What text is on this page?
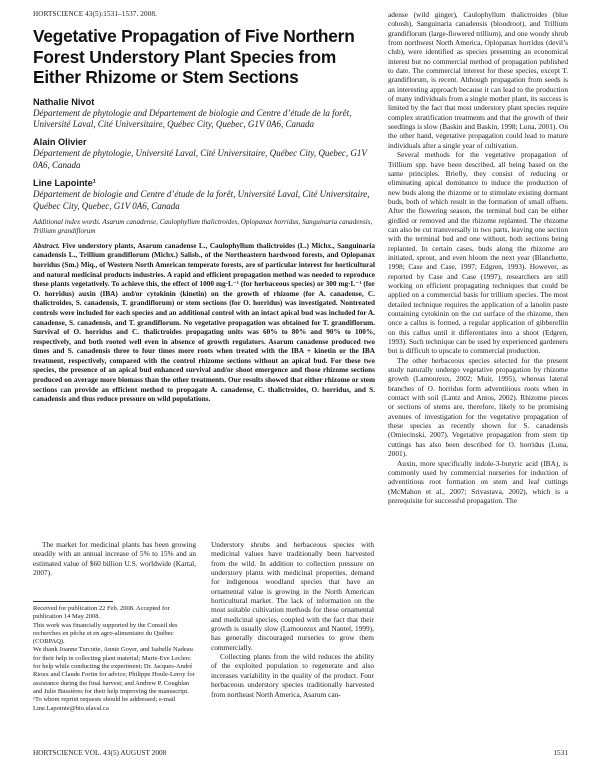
HORTSCIENCE 43(5):1531–1537. 2008.
Vegetative Propagation of Five Northern Forest Understory Plant Species from Either Rhizome or Stem Sections
Nathalie Nivot
Département de phytologie and Département de biologie and Centre d’étude de la forêt, Université Laval, Cité Universitaire, Québec City, Quebec, G1V 0A6, Canada
Alain Olivier
Département de phytologie, Université Laval, Cité Universitaire, Québec City, Quebec, G1V 0A6, Canada
Line Lapointe¹
Département de biologie and Centre d’étude de la forêt, Université Laval, Cité Universitaire, Québec City, Quebec, G1V 0A6, Canada
Additional index words. Asarum canadense, Caulophyllum thalictroides, Oplopanax horridus, Sanguinaria canadensis, Trillium grandiflorum

Abstract. Five understory plants, Asarum canadense L., Caulophyllum thalictroides (L.) Michx., Sanguinaria canadensis L., Trillium grandiflorum (Michx.) Salisb., of the Northeastern hardwood forests, and Oplopanax horridus (Sm.) Miq., of Western North American temperate forests, are of particular interest for horticultural and natural medicinal products industries. A rapid and efficient propagation method was needed to reproduce these plants vegetatively. To achieve this, the effect of 1000 mg·L⁻¹ (for herbaceous species) or 300 mg·L⁻¹ (for O. horridus) auxin (IBA) and/or cytokinin (kinetin) on the growth of rhizome (for A. canadense, C. thalictroides, S. canadensis, T. grandiflorum) or stem sections (for O. horridus) was investigated. Nontreated controls were included for each species and an additional control with an intact apical bud was included for A. canadense, S. canadensis, and T. grandiflorum. No vegetative propagation was obtained for T. grandiflorum. Survival of O. horridus and C. thalictroides propagating units was 60% to 80% and 90% to 100%, respectively, and both rooted well even in absence of growth regulators. Asarum canadense produced two times and S. canadensis three to four times more roots when treated with the IBA + kinetin or the IBA treatment, respectively, compared with the control rhizome sections without an apical bud. For these two species, the presence of an apical bud enhanced survival and/or shoot emergence and those rhizome sections produced on average more biomass than the other treatments. Our results showed that either rhizome or stem sections can provide an efficient method to propagate A. canadense, C. thalictroides, O. horridus, and S. canadensis and thus reduce pressure on wild populations.

The market for medicinal plants has been growing steadily with an annual increase of 5% to 15% and an estimated value of $60 billion U.S. worldwide (Kartal, 2007).

Received for publication 22 Feb. 2008. Accepted for publication 14 May 2008.

This work was financially supported by the Conseil des recherches en pêche et en agro-alimentaire du Québec (CORPAQ).

We thank Joanne Turcotte, Annie Goyer, and Isabelle Nadeau for their help in collecting plant material; Marie-Eve Leclerc for help while conducting the experiment; Dr. Jacques-André Rioux and Claude Fortin for advice; Philippe Houle-Leroy for assistance during the final harvest; and Andrew P. Coughlan and Julie Bussières for their help improving the manuscript.

¹To whom reprint requests should be addressed; e-mail Line.Lapointe@bio.ulaval.ca

Understory shrubs and herbaceous species with medicinal values have traditionally been harvested from the wild. In addition to collection pressure on understory plants with medicinal properties, demand for indigenous woodland species that have an ornamental value is growing in the North American horticultural market. The lack of information on the most suitable cultivation methods for these ornamental and medicinal species, coupled with the fact that their growth is usually slow (Lamoureux and Nantel, 1999), has generally discouraged nurseries to grow them commercially.

Collecting plants from the wild reduces the ability of the exploited population to regenerate and also increases variability in the quality of the product. Four herbaceous understory species traditionally harvested from northeast North America, Asarum can-

adense (wild ginger), Caulophyllum thalictroides (blue cohosh), Sanguinaria canadensis (bloodroot), and Trillium grandiflorum (large-flowered trillium), and one woody shrub from northwest North America, Oplopanax horridus (devil’s club), were identified as species presenting an economical interest but no commercial method of propagation published to date. The commercial interest for these species, except T. grandiflorum, is recent. Although propagation from seeds is an interesting approach because it can lead to the production of many individuals from a single mother plant, its success is limited by the fact that most understory plant species require complex stratification treatments and that the growth of their seedlings is slow (Baskin and Baskin, 1998; Luna, 2001). On the other hand, vegetative propagation could lead to mature individuals after a single year of cultivation.

Several methods for the vegetative propagation of Trillium spp. have been described, all being based on the same principles. Briefly, they consist of reducing or eliminating apical dominance to induce the production of new buds along the rhizome or to stimulate existing dormant buds, both of which result in the formation of small offsets. After the flowering season, the terminal bud can be either girdled or removed and the rhizome replanted. The rhizome can also be cut transversally in two parts, leaving one section with the terminal bud and one without, both sections being replanted. In certain cases, buds along the rhizome are initiated, sprout, and even bloom the next year (Blanchette, 1998; Case and Case, 1997; Edgren, 1993). However, as reported by Case and Case (1997), researchers are still working on efficient propagating techniques that could be applied on a commercial basis for trillium species. The most detailed technique requires the application of a lanolin paste containing cytokinin on the cut surface of the rhizome, then once a callus is formed, a regular application of gibberellin on this callus until it differentiates into a shoot (Edgren, 1993). Such technique can be used by experienced gardeners but is difficult to upscale to commercial production.

The other herbaceous species selected for the present study naturally undergo vegetative propagation by rhizome growth (Lamoureux, 2002; Muir, 1995), whereas lateral branches of O. horridus form adventitious roots when in contact with soil (Lantz and Antos, 2002). Rhizome pieces or sections of stems are, therefore, likely to be promising avenues of investigation for the vegetative propagation of these species as recently shown for S. canadensis (Omiecinski, 2007). Vegetative propagation from stem tip cuttings has also been described for O. horridus (Luna, 2001).

Auxin, more specifically indole-3-butyric acid (IBA), is commonly used by commercial nurseries for induction of adventitious root formation on stem and leaf cuttings (McMahon et al., 2007; Srivastava, 2002), which is a prerequisite for successful propagation. The

HORTSCIENCE VOL. 43(5) AUGUST 2008	1531
